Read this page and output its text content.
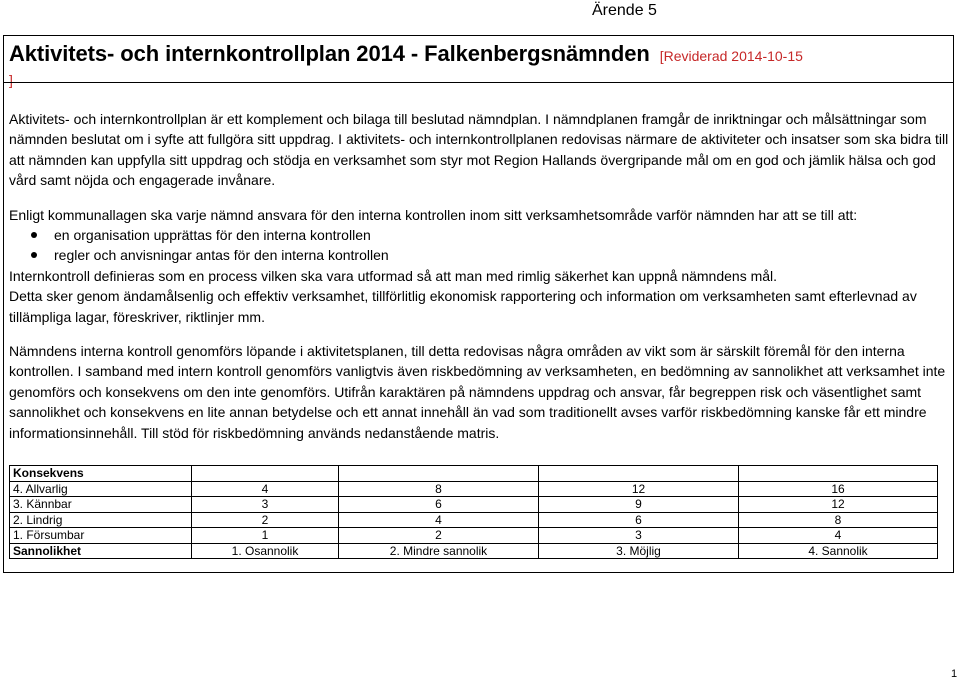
Ärende 5
Aktivitets- och internkontrollplan 2014 - Falkenbergsnämnden [Reviderad 2014-10-15
]

Aktivitets- och internkontrollplan är ett komplement och bilaga till beslutad nämndplan. I nämndplanen framgår de inriktningar och målsättningar som nämnden beslutat om i syfte att fullgöra sitt uppdrag. I aktivitets- och internkontrollplanen redovisas närmare de aktiviteter och insatser som ska bidra till att nämnden kan uppfylla sitt uppdrag och stödja en verksamhet som styr mot Region Hallands övergripande mål om en god och jämlik hälsa och god vård samt nöjda och engagerade invånare.

Enligt kommunallagen ska varje nämnd ansvara för den interna kontrollen inom sitt verksamhetsområde varför nämnden har att se till att:

en organisation upprättas för den interna kontrollen
regler och anvisningar antas för den interna kontrollen

Internkontroll definieras som en process vilken ska vara utformad så att man med rimlig säkerhet kan uppnå nämndens mål.

Detta sker genom ändamålsenlig och effektiv verksamhet, tillförlitlig ekonomisk rapportering och information om verksamheten samt efterlevnad av tillämpliga lagar, föreskriver, riktlinjer mm.

Nämndens interna kontroll genomförs löpande i aktivitetsplanen, till detta redovisas några områden av vikt som är särskilt föremål för den interna kontrollen. I samband med intern kontroll genomförs vanligtvis även riskbedömning av verksamheten, en bedömning av sannolikhet att verksamhet inte genomförs och konsekvens om den inte genomförs. Utifrån karaktären på nämndens uppdrag och ansvar, får begreppen risk och väsentlighet samt sannolikhet och konsekvens en lite annan betydelse och ett annat innehåll än vad som traditionellt avses varför riskbedömning kanske får ett mindre informationsinnehåll. Till stöd för riskbedömning används nedanstående matris.

Konsekvens				
4. Allvarlig	4	8	12	16
3. Kännbar	3	6	9	12
2. Lindrig	2	4	6	8
1. Försumbar	1	2	3	4
Sannolikhet	1. Osannolik	2. Mindre sannolik	3. Möjlig	4. Sannolik
1
